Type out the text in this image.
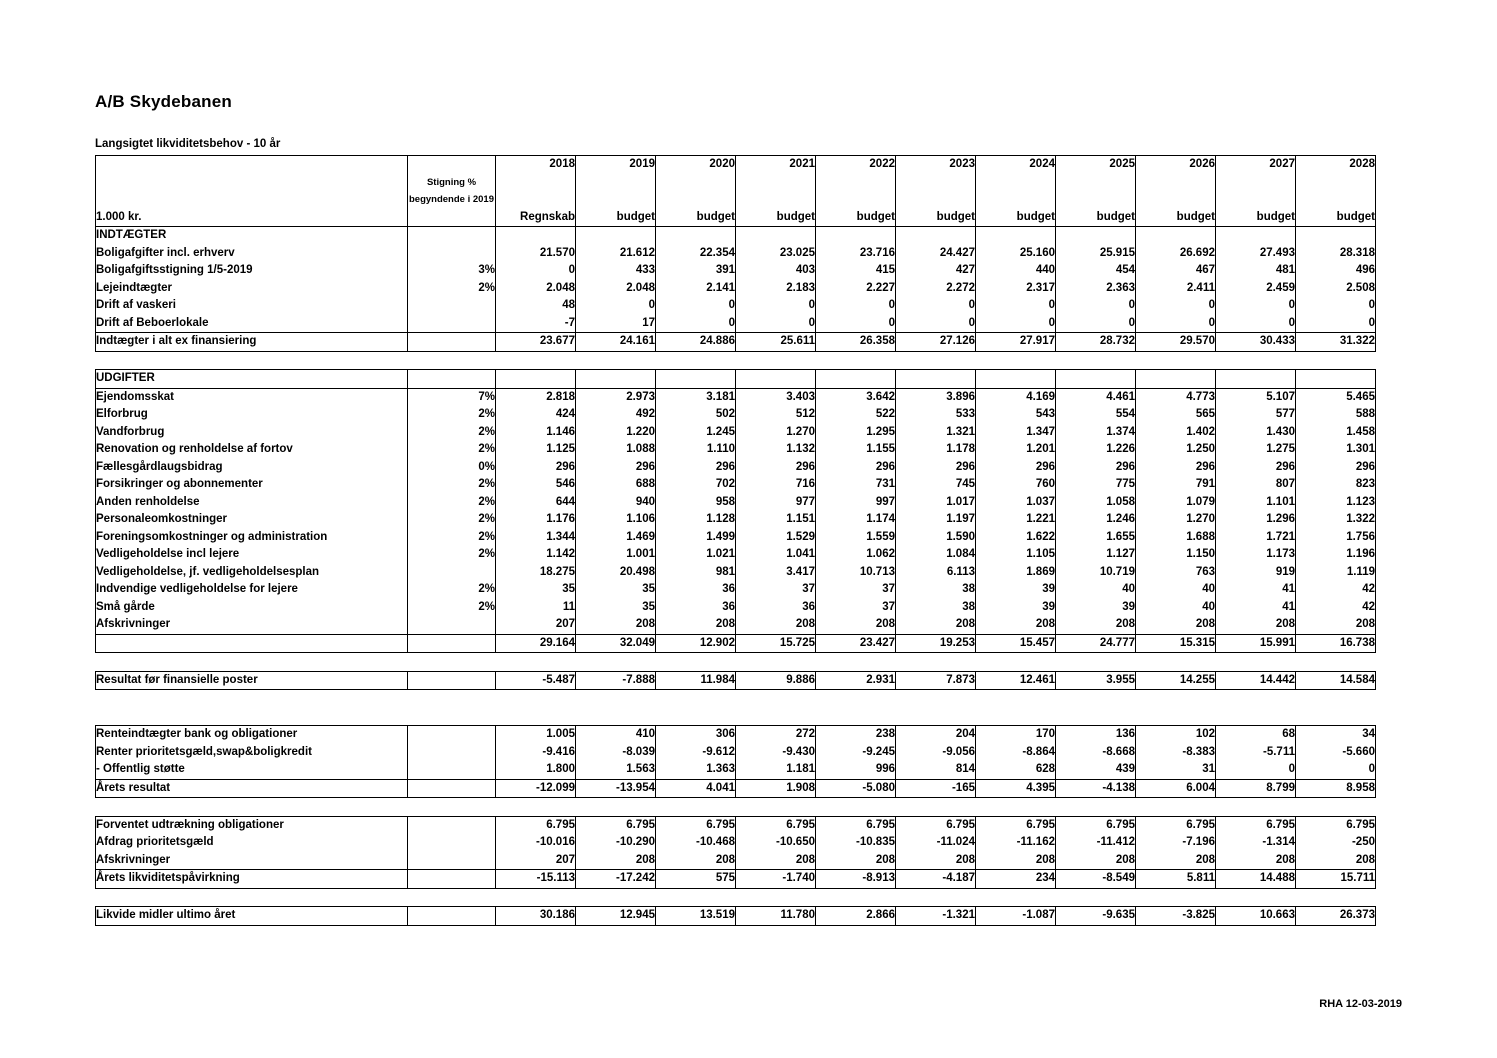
A/B Skydebanen
Langsigtet likviditetsbehov - 10 år
		2018	2019	2020	2021	2022	2023	2024	2025	2026	2027	2028

	Stigning %
begyndende i 2019											

1.000 kr.		Regnskab	budget	budget	budget	budget	budget	budget	budget	budget	budget	budget
INDTÆGTER												
Boligafgifter incl. erhverv		21.570	21.612	22.354	23.025	23.716	24.427	25.160	25.915	26.692	27.493	28.318
Boligafgiftsstigning 1/5-2019	3%	0	433	391	403	415	427	440	454	467	481	496
Lejeindtægter	2%	2.048	2.048	2.141	2.183	2.227	2.272	2.317	2.363	2.411	2.459	2.508
Drift af vaskeri		48	0	0	0	0	0	0	0	0	0	0
Drift af Beboerlokale		-7	17	0	0	0	0	0	0	0	0	0
Indtægter i alt ex finansiering		23.677	24.161	24.886	25.611	26.358	27.126	27.917	28.732	29.570	30.433	31.322

UDGIFTER												
Ejendomsskat	7%	2.818	2.973	3.181	3.403	3.642	3.896	4.169	4.461	4.773	5.107	5.465
Elforbrug	2%	424	492	502	512	522	533	543	554	565	577	588
Vandforbrug	2%	1.146	1.220	1.245	1.270	1.295	1.321	1.347	1.374	1.402	1.430	1.458
Renovation og renholdelse af fortov	2%	1.125	1.088	1.110	1.132	1.155	1.178	1.201	1.226	1.250	1.275	1.301
Fællesgårdlaugsbidrag	0%	296	296	296	296	296	296	296	296	296	296	296
Forsikringer og abonnementer	2%	546	688	702	716	731	745	760	775	791	807	823
Anden renholdelse	2%	644	940	958	977	997	1.017	1.037	1.058	1.079	1.101	1.123
Personaleomkostninger	2%	1.176	1.106	1.128	1.151	1.174	1.197	1.221	1.246	1.270	1.296	1.322
Foreningsomkostninger og administration	2%	1.344	1.469	1.499	1.529	1.559	1.590	1.622	1.655	1.688	1.721	1.756
Vedligeholdelse incl lejere	2%	1.142	1.001	1.021	1.041	1.062	1.084	1.105	1.127	1.150	1.173	1.196
Vedligeholdelse, jf. vedligeholdelsesplan		18.275	20.498	981	3.417	10.713	6.113	1.869	10.719	763	919	1.119
Indvendige vedligeholdelse for lejere	2%	35	35	36	37	37	38	39	40	40	41	42
Små gårde	2%	11	35	36	36	37	38	39	39	40	41	42
Afskrivninger		207	208	208	208	208	208	208	208	208	208	208
		29.164	32.049	12.902	15.725	23.427	19.253	15.457	24.777	15.315	15.991	16.738

Resultat før finansielle poster		-5.487	-7.888	11.984	9.886	2.931	7.873	12.461	3.955	14.255	14.442	14.584

Renteindtægter bank og obligationer		1.005	410	306	272	238	204	170	136	102	68	34
Renter prioritetsgæld,swap&boligkredit		-9.416	-8.039	-9.612	-9.430	-9.245	-9.056	-8.864	-8.668	-8.383	-5.711	-5.660
- Offentlig støtte		1.800	1.563	1.363	1.181	996	814	628	439	31	0	0
Årets resultat		-12.099	-13.954	4.041	1.908	-5.080	-165	4.395	-4.138	6.004	8.799	8.958

Forventet udtrækning obligationer		6.795	6.795	6.795	6.795	6.795	6.795	6.795	6.795	6.795	6.795	6.795
Afdrag prioritetsgæld		-10.016	-10.290	-10.468	-10.650	-10.835	-11.024	-11.162	-11.412	-7.196	-1.314	-250
Afskrivninger		207	208	208	208	208	208	208	208	208	208	208
Årets likviditetspåvirkning		-15.113	-17.242	575	-1.740	-8.913	-4.187	234	-8.549	5.811	14.488	15.711

Likvide midler ultimo året		30.186	12.945	13.519	11.780	2.866	-1.321	-1.087	-9.635	-3.825	10.663	26.373
RHA 12-03-2019
